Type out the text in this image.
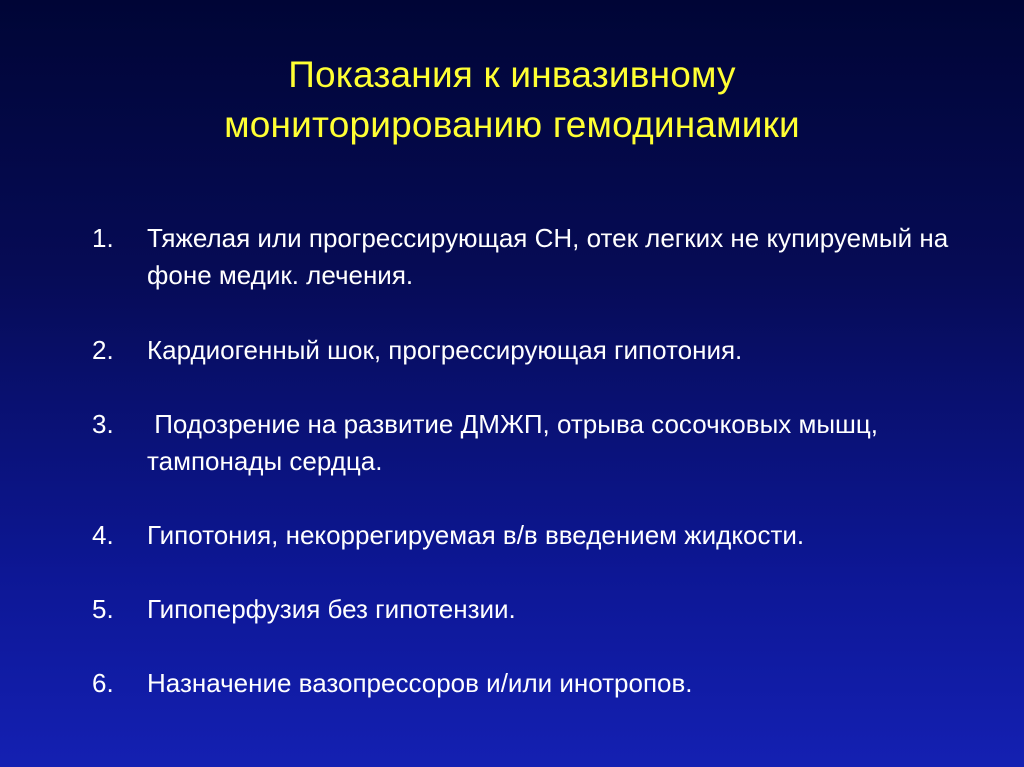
Показания к инвазивному
мониторированию гемодинамики
1. Тяжелая или прогрессирующая СН, отек легких не купируемый на фоне медик. лечения.
2. Кардиогенный шок, прогрессирующая гипотония.
3. Подозрение на развитие ДМЖП, отрыва сосочковых мышц, тампонады сердца.
4. Гипотония, некоррегируемая в/в введением жидкости.
5. Гипоперфузия без гипотензии.
6. Назначение вазопрессоров и/или инотропов.
